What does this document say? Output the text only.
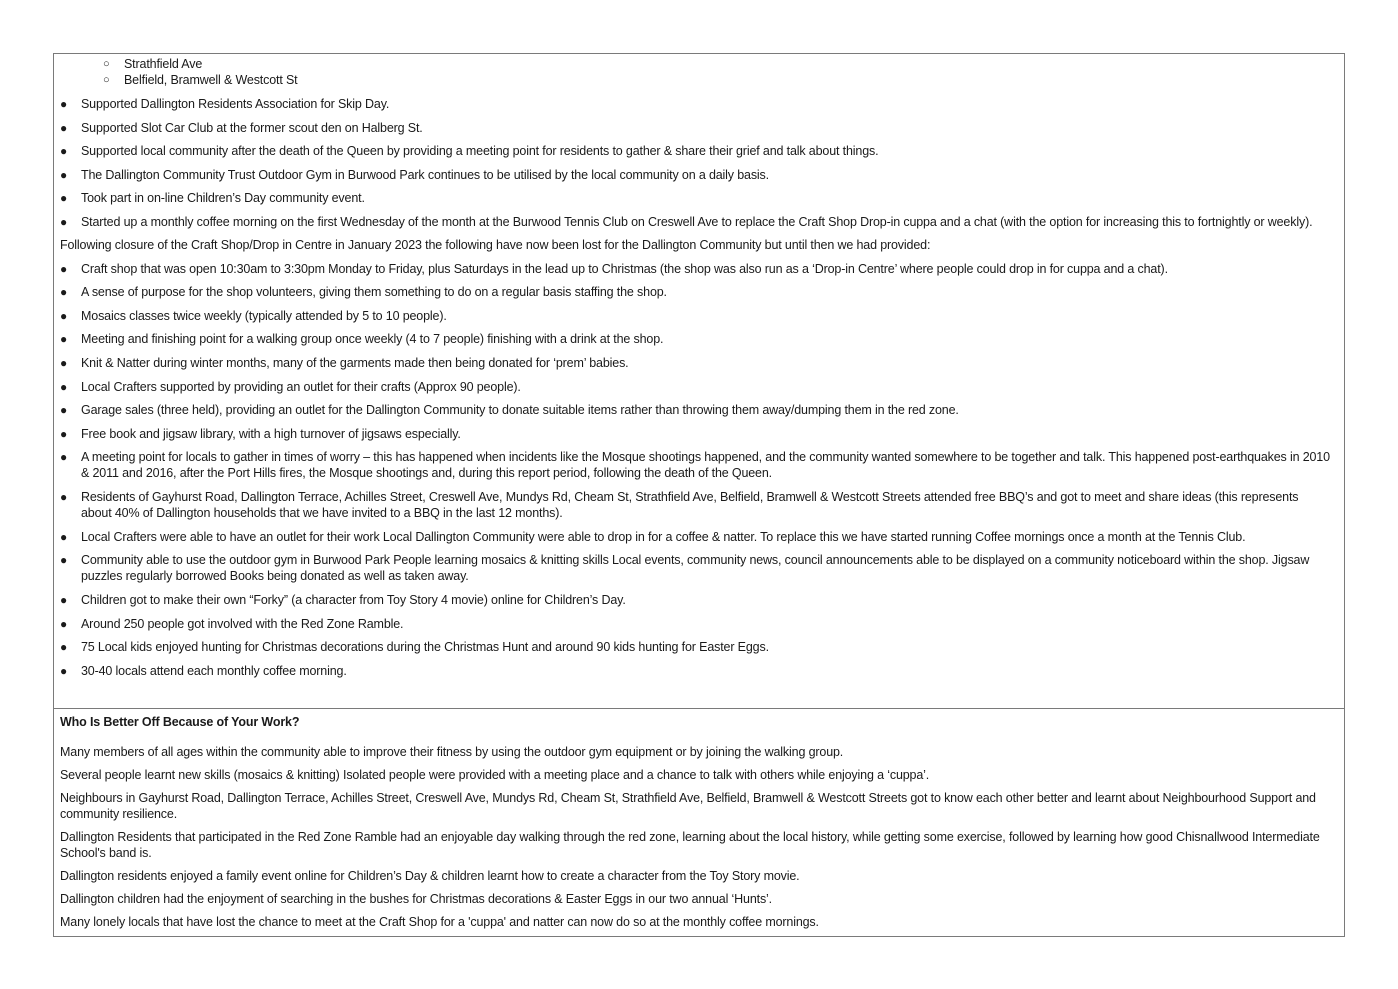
○ Strathfield Ave
○ Belfield, Bramwell & Westcott St
● Supported Dallington Residents Association for Skip Day.
● Supported Slot Car Club at the former scout den on Halberg St.
● Supported local community after the death of the Queen by providing a meeting point for residents to gather & share their grief and talk about things.
● The Dallington Community Trust Outdoor Gym in Burwood Park continues to be utilised by the local community on a daily basis.
● Took part in on-line Children’s Day community event.
● Started up a monthly coffee morning on the first Wednesday of the month at the Burwood Tennis Club on Creswell Ave to replace the Craft Shop Drop-in cuppa and a chat (with the option for increasing this to fortnightly or weekly).
Following closure of the Craft Shop/Drop in Centre in January 2023 the following have now been lost for the Dallington Community but until then we had provided:
● Craft shop that was open 10:30am to 3:30pm Monday to Friday, plus Saturdays in the lead up to Christmas (the shop was also run as a ‘Drop-in Centre’ where people could drop in for cuppa and a chat).
● A sense of purpose for the shop volunteers, giving them something to do on a regular basis staffing the shop.
● Mosaics classes twice weekly (typically attended by 5 to 10 people).
● Meeting and finishing point for a walking group once weekly (4 to 7 people) finishing with a drink at the shop.
● Knit & Natter during winter months, many of the garments made then being donated for ‘prem’ babies.
● Local Crafters supported by providing an outlet for their crafts (Approx 90 people).
● Garage sales (three held), providing an outlet for the Dallington Community to donate suitable items rather than throwing them away/dumping them in the red zone.
● Free book and jigsaw library, with a high turnover of jigsaws especially.
● A meeting point for locals to gather in times of worry – this has happened when incidents like the Mosque shootings happened, and the community wanted somewhere to be together and talk. This happened post-earthquakes in 2010 & 2011 and 2016, after the Port Hills fires, the Mosque shootings and, during this report period, following the death of the Queen.
● Residents of Gayhurst Road, Dallington Terrace, Achilles Street, Creswell Ave, Mundys Rd, Cheam St, Strathfield Ave, Belfield, Bramwell & Westcott Streets attended free BBQ’s and got to meet and share ideas (this represents about 40% of Dallington households that we have invited to a BBQ in the last 12 months).
● Local Crafters were able to have an outlet for their work Local Dallington Community were able to drop in for a coffee & natter. To replace this we have started running Coffee mornings once a month at the Tennis Club.
● Community able to use the outdoor gym in Burwood Park People learning mosaics & knitting skills Local events, community news, council announcements able to be displayed on a community noticeboard within the shop. Jigsaw puzzles regularly borrowed Books being donated as well as taken away.
● Children got to make their own “Forky” (a character from Toy Story 4 movie) online for Children’s Day.
● Around 250 people got involved with the Red Zone Ramble.
● 75 Local kids enjoyed hunting for Christmas decorations during the Christmas Hunt and around 90 kids hunting for Easter Eggs.
● 30-40 locals attend each monthly coffee morning.
Who Is Better Off Because of Your Work?
Many members of all ages within the community able to improve their fitness by using the outdoor gym equipment or by joining the walking group.
Several people learnt new skills (mosaics & knitting) Isolated people were provided with a meeting place and a chance to talk with others while enjoying a ‘cuppa’.
Neighbours in Gayhurst Road, Dallington Terrace, Achilles Street, Creswell Ave, Mundys Rd, Cheam St, Strathfield Ave, Belfield, Bramwell & Westcott Streets got to know each other better and learnt about Neighbourhood Support and community resilience.
Dallington Residents that participated in the Red Zone Ramble had an enjoyable day walking through the red zone, learning about the local history, while getting some exercise, followed by learning how good Chisnallwood Intermediate School's band is.
Dallington residents enjoyed a family event online for Children’s Day & children learnt how to create a character from the Toy Story movie.
Dallington children had the enjoyment of searching in the bushes for Christmas decorations & Easter Eggs in our two annual ‘Hunts’.
Many lonely locals that have lost the chance to meet at the Craft Shop for a 'cuppa' and natter can now do so at the monthly coffee mornings.
